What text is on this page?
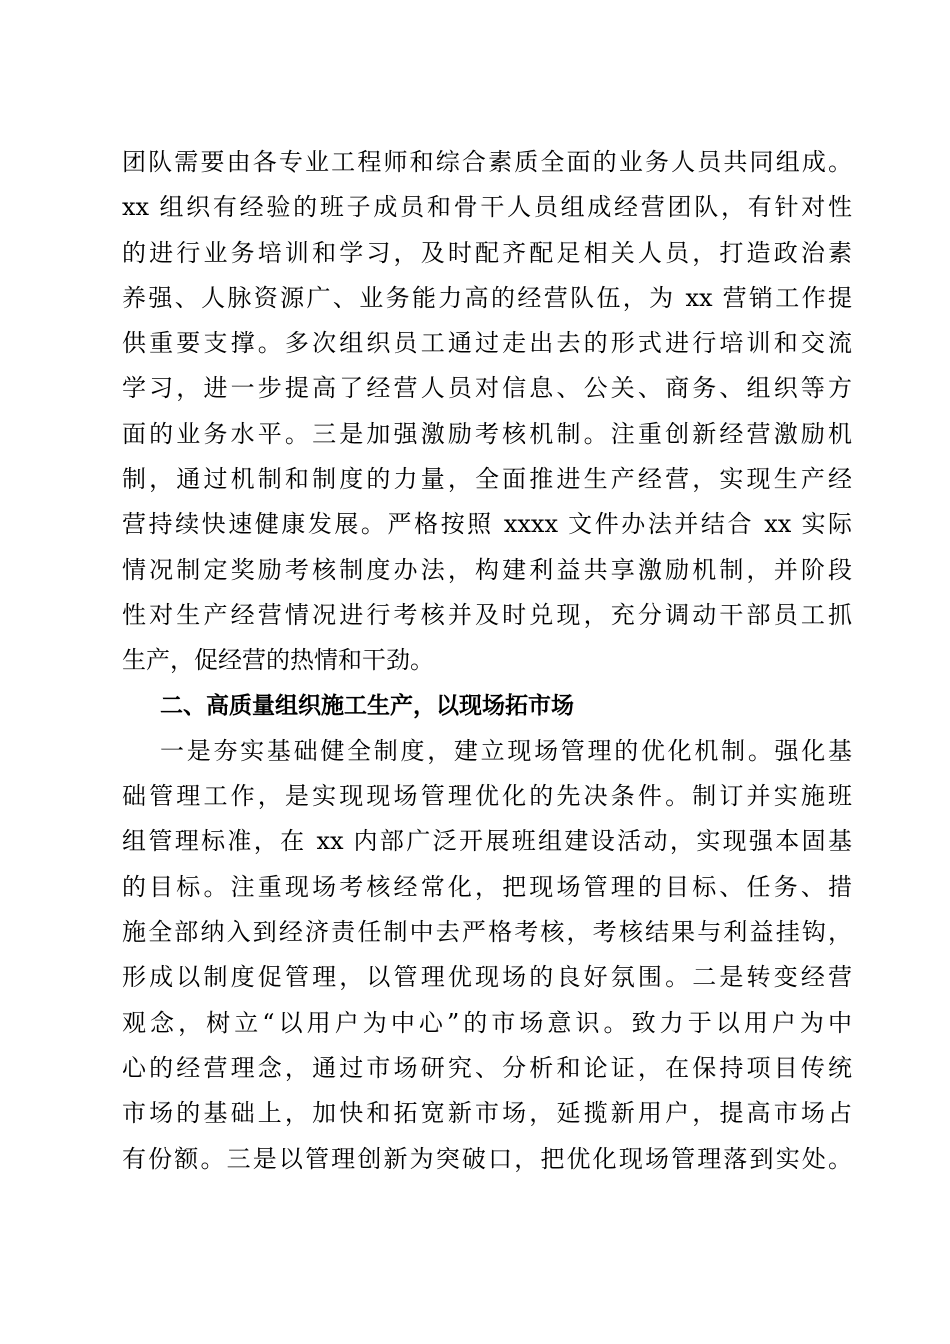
团队需要由各专业工程师和综合素质全面的业务人员共同组成。
xx 组织有经验的班子成员和骨干人员组成经营团队，有针对性
的进行业务培训和学习，及时配齐配足相关人员，打造政治素
养强、人脉资源广、业务能力高的经营队伍，为 xx 营销工作提
供重要支撑。多次组织员工通过走出去的形式进行培训和交流
学习，进一步提高了经营人员对信息、公关、商务、组织等方
面的业务水平。三是加强激励考核机制。注重创新经营激励机
制，通过机制和制度的力量，全面推进生产经营，实现生产经
营持续快速健康发展。严格按照 xxxx 文件办法并结合 xx 实际
情况制定奖励考核制度办法，构建利益共享激励机制，并阶段
性对生产经营情况进行考核并及时兑现，充分调动干部员工抓
生产，促经营的热情和干劲。
二、高质量组织施工生产，以现场拓市场
一是夯实基础健全制度，建立现场管理的优化机制。强化基
础管理工作，是实现现场管理优化的先决条件。制订并实施班
组管理标准，在 xx 内部广泛开展班组建设活动，实现强本固基
的目标。注重现场考核经常化，把现场管理的目标、任务、措
施全部纳入到经济责任制中去严格考核，考核结果与利益挂钩，
形成以制度促管理，以管理优现场的良好氛围。二是转变经营
观念，树立“以用户为中心”的市场意识。致力于以用户为中
心的经营理念，通过市场研究、分析和论证，在保持项目传统
市场的基础上，加快和拓宽新市场，延揽新用户，提高市场占
有份额。三是以管理创新为突破口，把优化现场管理落到实处。
